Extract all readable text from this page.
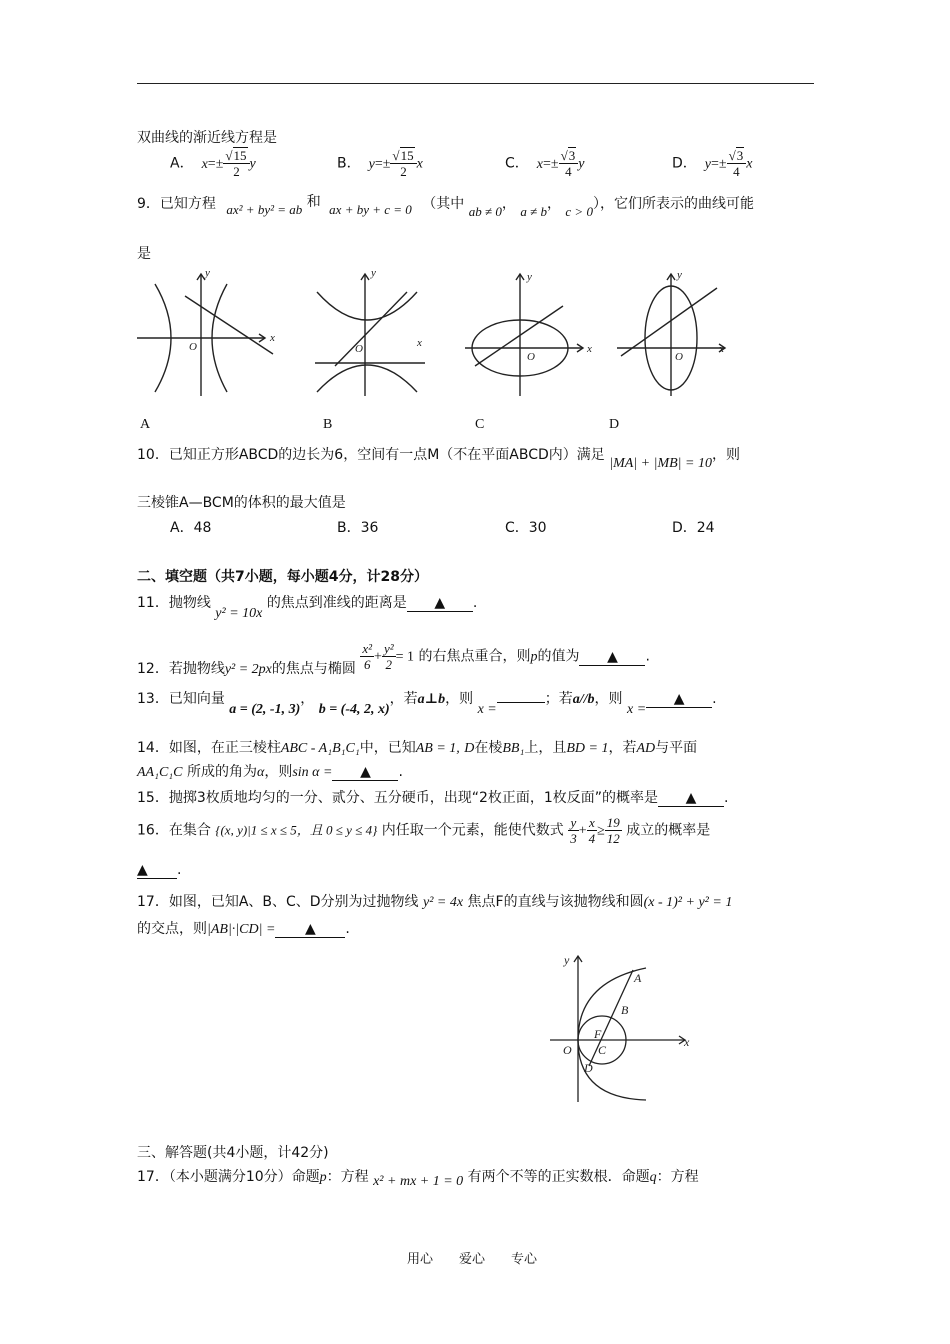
双曲线的渐近线方程是
A． $x=\pm \frac{√15}{2}$ y	B． $y=\pm \frac{√15}{2}$ x	C． $x=\pm \frac{√3}{4}$ y	D． $y=\pm \frac{√3}{4}$ x
9．已知方程 ax² + by² = ab 和 ax + by + c = 0 （其中 ab ≠ 0， a ≠ b， c > 0），它们所表示的曲线可能
是
x
y
O	x
y
O	x
y
O
x
y
O
A	B	C	D
10．已知正方形ABCD的边长为6，空间有一点M（不在平面ABCD内）满足 |MA| + |MB| = 10，则
三棱锥A—BCM的体积的最大值是
A．48	B．36	C．30	D．24
二、填空题（共7小题，每小题4分，计28分）
11．抛物线 y² = 10x 的焦点到准线的距离是 ▲ .
12．若抛物线y² = 2px的焦点与椭圆 $\frac{\text{x²}}{6} + \frac{\text{y²}}{2} = 1$ 的右焦点重合，则p的值为 ▲ .
13．已知向量 a = (2, -1, 3)， b = (-4, 2, x)，若a⊥b，则 x =；若a//b，则 x =▲ .
14．如图，在正三棱柱ABC - A₁B₁C₁中，已知AB = 1, D在棱BB₁上，且BD = 1，若AD与平面
AA₁C₁C 所成的角为α，则sin α = ▲ .
15．抛掷3枚质地均匀的一分、贰分、五分硬币，出现“2枚正面，1枚反面”的概率是 ▲ .
16．在集合 {(x, y)|1 ≤ x ≤ 5，且 0 ≤ y ≤ 4} 内任取一个元素，能使代数式 $\frac{y}{3} + \frac{x}{4} \ge \frac{19}{12}$ 成立的概率是
▲ .
17．如图，已知A、B、C、D分别为过抛物线 y² = 4x 焦点F的直线与该抛物线和圆(x - 1)² + y² = 1
的交点，则|AB|·|CD| = ▲ .
y
x
O
A
B
F
C
D
三、解答题(共4小题，计42分)
17．（本小题满分10分）命题p：方程 x² + mx + 1 = 0 有两个不等的正实数根．命题q：方程
用心　　爱心　　专心
